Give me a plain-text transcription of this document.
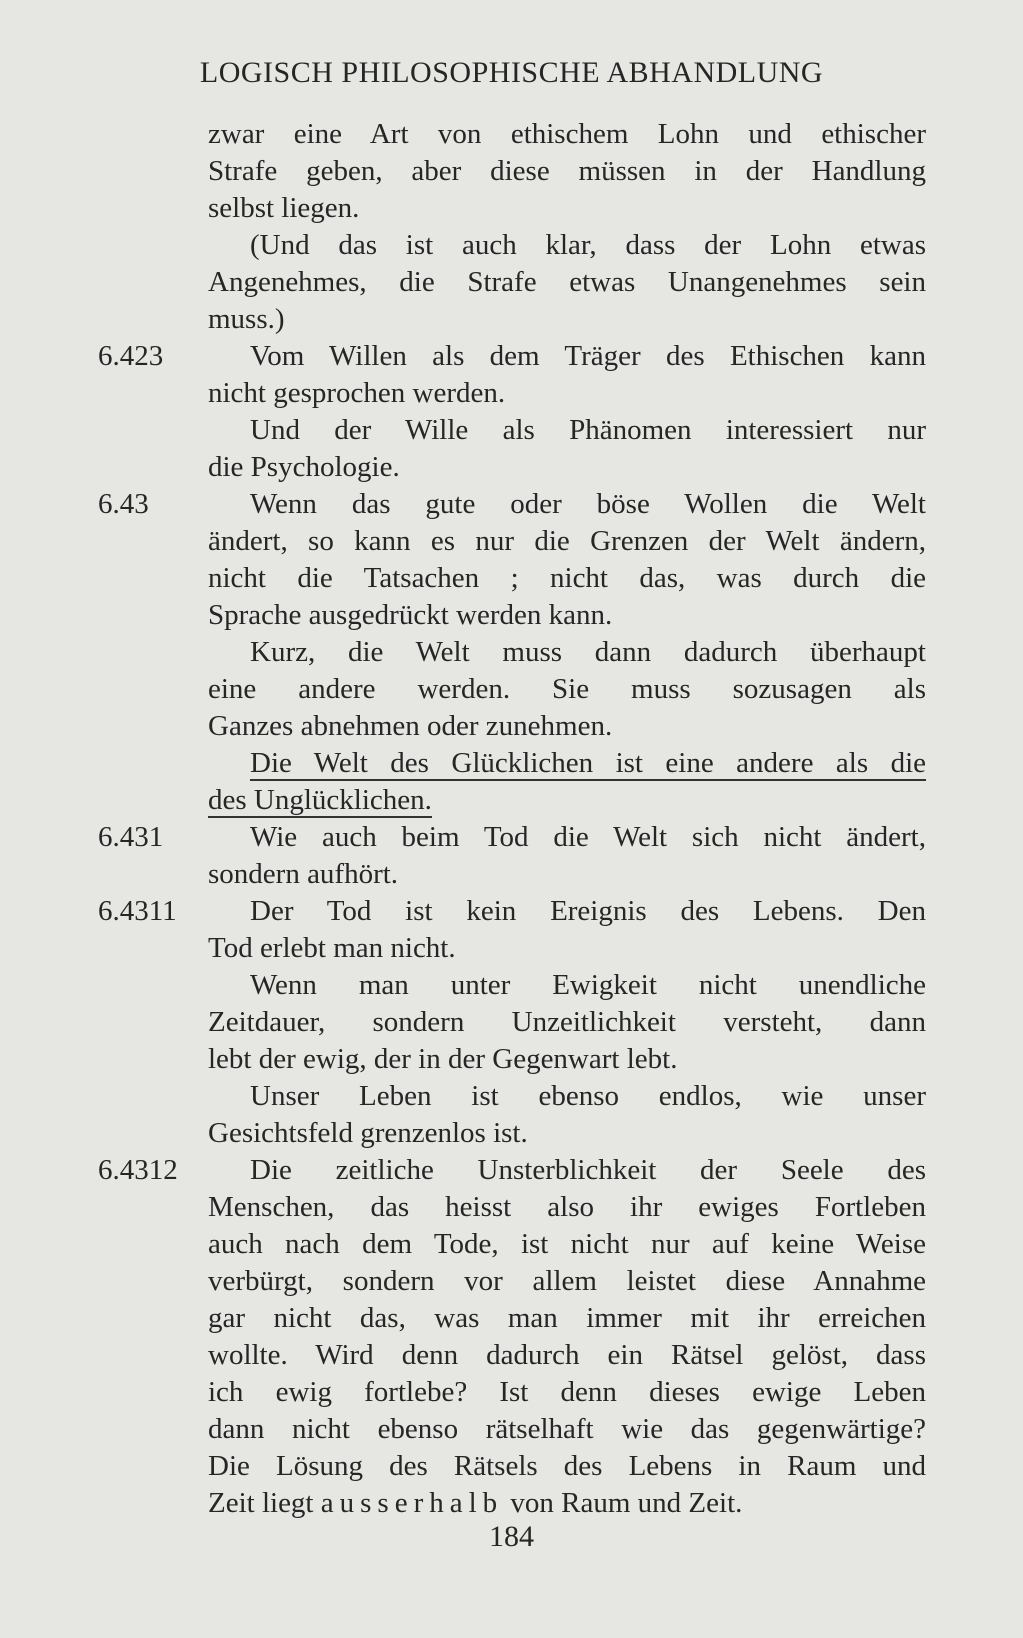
LOGISCH PHILOSOPHISCHE ABHANDLUNG
zwar eine Art von ethischem Lohn und ethischer
Strafe geben, aber diese müssen in der Handlung
selbst liegen.
(Und das ist auch klar, dass der Lohn etwas
Angenehmes, die Strafe etwas Unangenehmes sein
muss.)
6.423	Vom Willen als dem Träger des Ethischen kann
nicht gesprochen werden.
Und der Wille als Phänomen interessiert nur
die Psychologie.
6.43	Wenn das gute oder böse Wollen die Welt
ändert, so kann es nur die Grenzen der Welt ändern,
nicht die Tatsachen ; nicht das, was durch die
Sprache ausgedrückt werden kann.
Kurz, die Welt muss dann dadurch überhaupt
eine andere werden. Sie muss sozusagen als
Ganzes abnehmen oder zunehmen.
Die Welt des Glücklichen ist eine andere als die
des Unglücklichen.
6.431	Wie auch beim Tod die Welt sich nicht ändert,
sondern aufhört.
6.4311	Der Tod ist kein Ereignis des Lebens. Den
Tod erlebt man nicht.
Wenn man unter Ewigkeit nicht unendliche
Zeitdauer, sondern Unzeitlichkeit versteht, dann
lebt der ewig, der in der Gegenwart lebt.
Unser Leben ist ebenso endlos, wie unser
Gesichtsfeld grenzenlos ist.
6.4312 Die zeitliche Unsterblichkeit der Seele des
Menschen, das heisst also ihr ewiges Fortleben
auch nach dem Tode, ist nicht nur auf keine Weise
verbürgt, sondern vor allem leistet diese Annahme
gar nicht das, was man immer mit ihr erreichen
wollte. Wird denn dadurch ein Rätsel gelöst, dass
ich ewig fortlebe? Ist denn dieses ewige Leben
dann nicht ebenso rätselhaft wie das gegenwärtige?
Die Lösung des Rätsels des Lebens in Raum und
Zeit liegt ausserhalb von Raum und Zeit.
184
